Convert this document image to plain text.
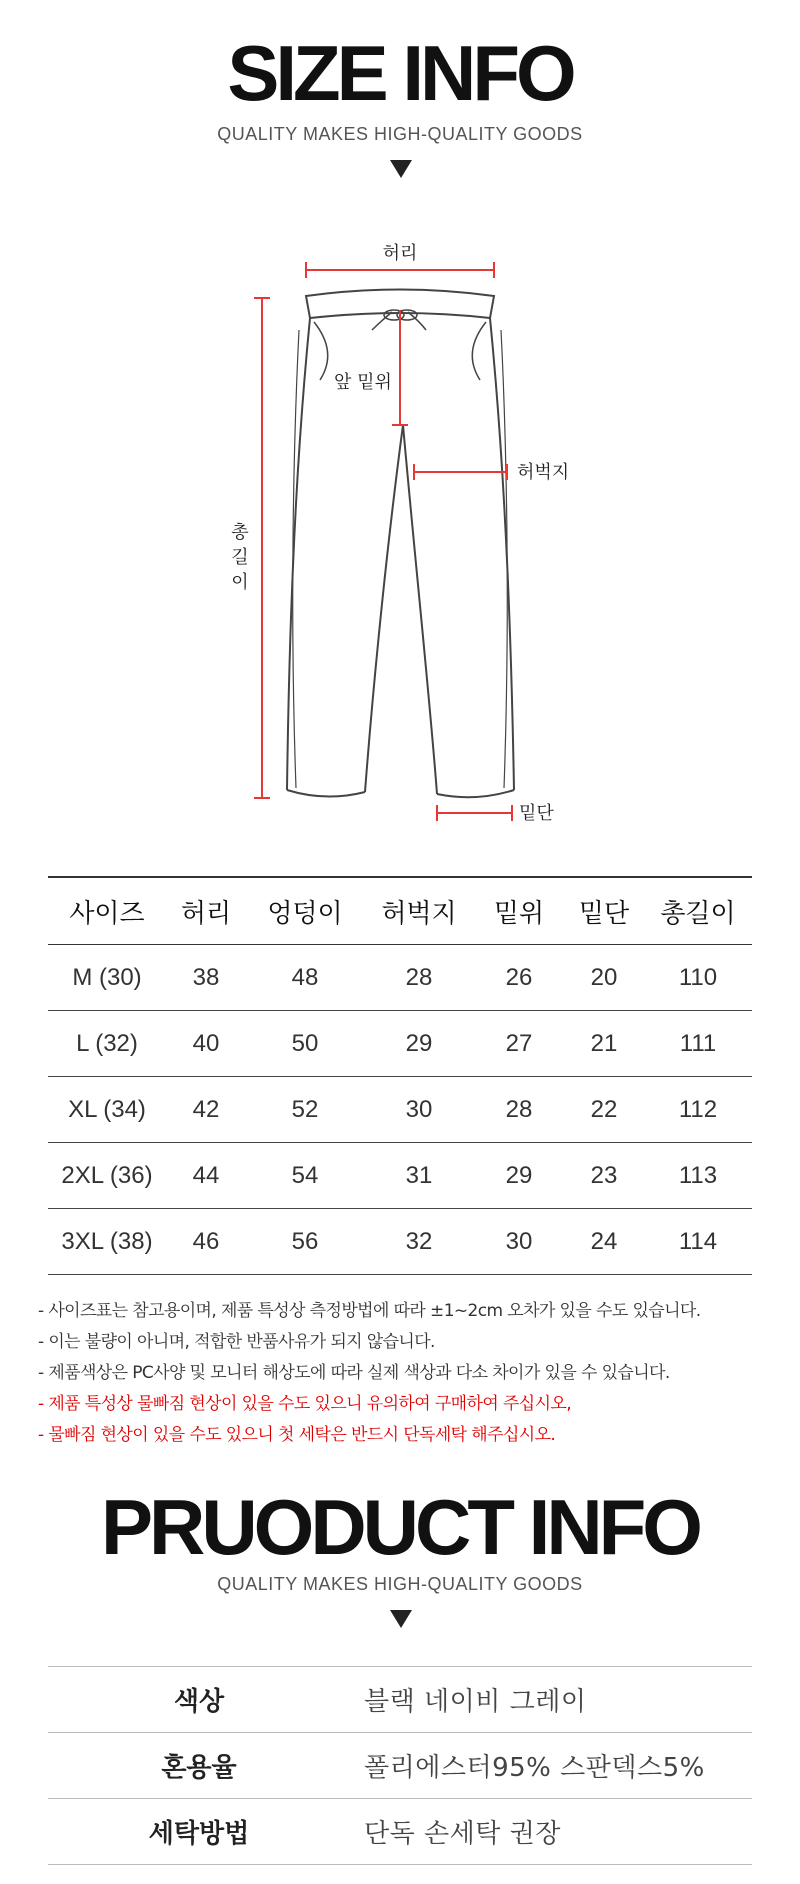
SIZE INFO
QUALITY MAKES HIGH-QUALITY GOODS
허리
앞 밑위
허벅지
총
길
이
밑단
사이즈	허리	엉덩이	허벅지	밑위	밑단	총길이
M (30)	38	48	28	26	20	110
L (32)	40	50	29	27	21	111
XL (34)	42	52	30	28	22	112
2XL (36)	44	54	31	29	23	113
3XL (38)	46	56	32	30	24	114
- 사이즈표는 참고용이며, 제품 특성상 측정방법에 따라 ±1~2cm 오차가 있을 수도 있습니다.
- 이는 불량이 아니며, 적합한 반품사유가 되지 않습니다.
- 제품색상은 PC사양 및 모니터 해상도에 따라 실제 색상과 다소 차이가 있을 수 있습니다.
- 제품 특성상 물빠짐 현상이 있을 수도 있으니 유의하여 구매하여 주십시오,
- 물빠짐 현상이 있을 수도 있으니 첫 세탁은 반드시 단독세탁 해주십시오.
PRUODUCT INFO
QUALITY MAKES HIGH-QUALITY GOODS
색상	블랙 네이비 그레이
혼용율	폴리에스터95% 스판덱스5%
세탁방법	단독 손세탁 권장
